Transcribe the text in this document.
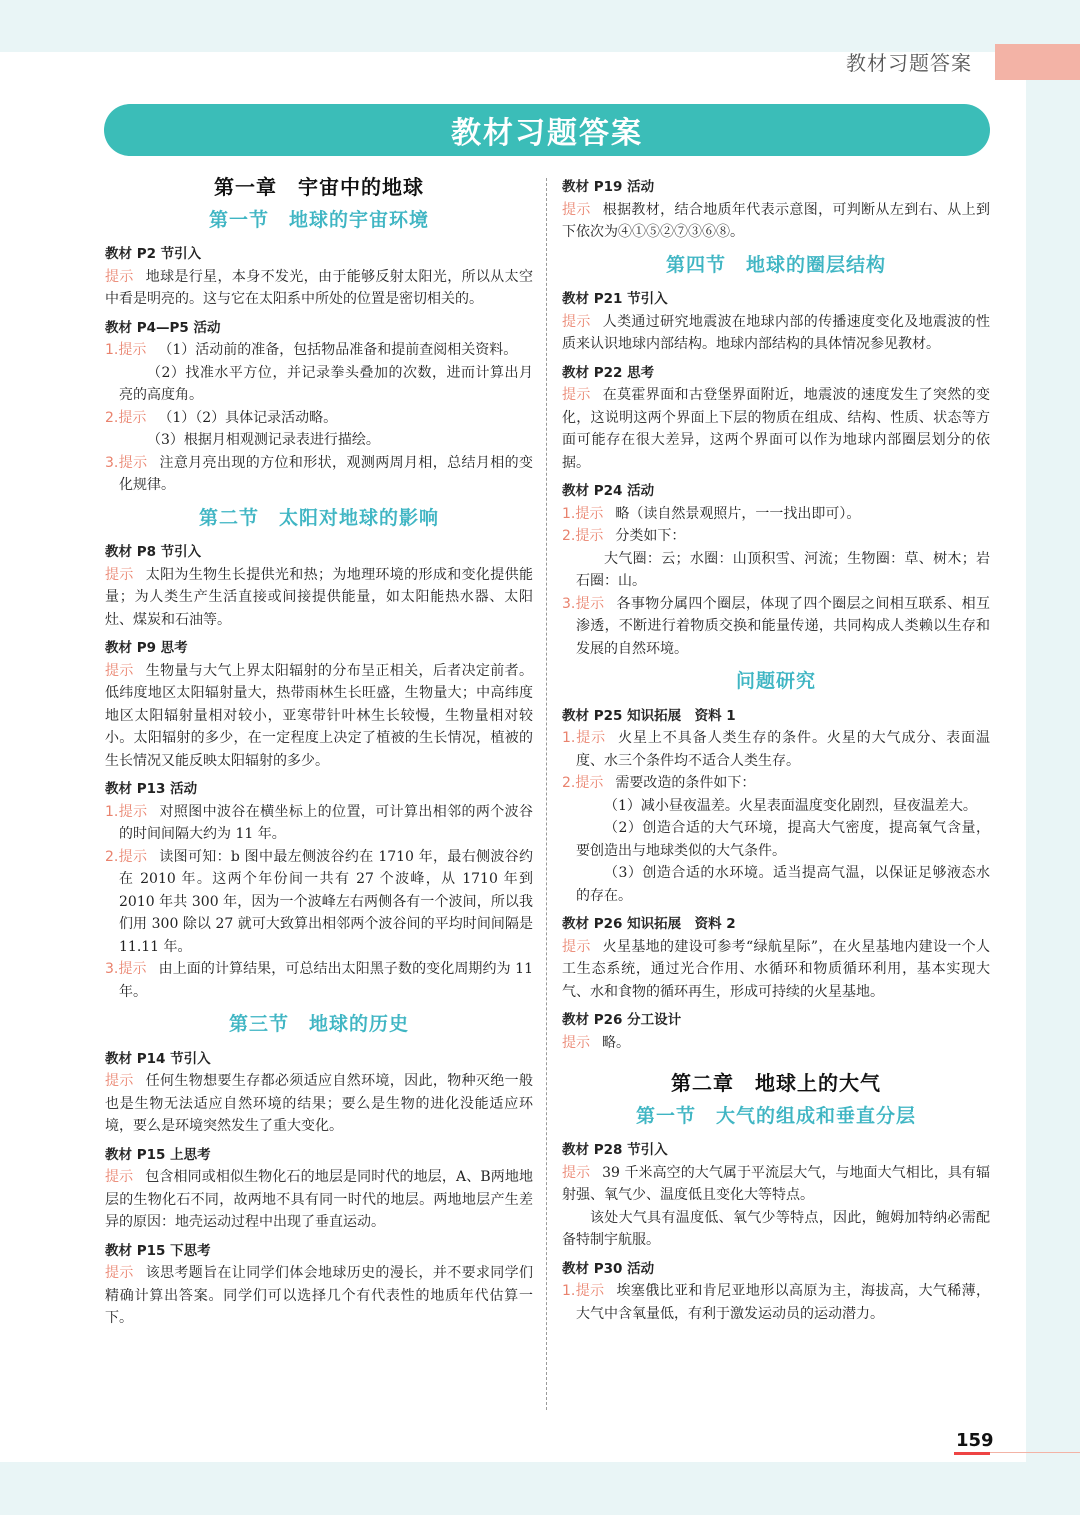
教材习题答案
教材习题答案
第一章　宇宙中的地球
第一节　地球的宇宙环境
教材 P2 节引入

提示 地球是行星，本身不发光，由于能够反射太阳光，所以从太空中看是明亮的。这与它在太阳系中所处的位置是密切相关的。

教材 P4—P5 活动

1.提示 （1）活动前的准备，包括物品准备和提前查阅相关资料。

（2）找准水平方位，并记录拳头叠加的次数，进而计算出月亮的高度角。

2.提示 （1）（2）具体记录活动略。

（3）根据月相观测记录表进行描绘。

3.提示 注意月亮出现的方位和形状，观测两周月相，总结月相的变化规律。

第二节　太阳对地球的影响
教材 P8 节引入

提示 太阳为生物生长提供光和热；为地理环境的形成和变化提供能量；为人类生产生活直接或间接提供能量，如太阳能热水器、太阳灶、煤炭和石油等。

教材 P9 思考

提示 生物量与大气上界太阳辐射的分布呈正相关，后者决定前者。低纬度地区太阳辐射量大，热带雨林生长旺盛，生物量大；中高纬度地区太阳辐射量相对较小，亚寒带针叶林生长较慢，生物量相对较小。太阳辐射的多少，在一定程度上决定了植被的生长情况，植被的生长情况又能反映太阳辐射的多少。

教材 P13 活动

1.提示 对照图中波谷在横坐标上的位置，可计算出相邻的两个波谷的时间间隔大约为 11 年。

2.提示 读图可知：b 图中最左侧波谷约在 1710 年，最右侧波谷约在 2010 年。这两个年份间一共有 27 个波峰，从 1710 年到 2010 年共 300 年，因为一个波峰左右两侧各有一个波间，所以我们用 300 除以 27 就可大致算出相邻两个波谷间的平均时间间隔是 11.11 年。

3.提示 由上面的计算结果，可总结出太阳黑子数的变化周期约为 11 年。

第三节　地球的历史
教材 P14 节引入

提示 任何生物想要生存都必须适应自然环境，因此，物种灭绝一般也是生物无法适应自然环境的结果；要么是生物的进化没能适应环境，要么是环境突然发生了重大变化。

教材 P15 上思考

提示 包含相同或相似生物化石的地层是同时代的地层，A、B两地地层的生物化石不同，故两地不具有同一时代的地层。两地地层产生差异的原因：地壳运动过程中出现了垂直运动。

教材 P15 下思考

提示 该思考题旨在让同学们体会地球历史的漫长，并不要求同学们精确计算出答案。同学们可以选择几个有代表性的地质年代估算一下。

教材 P19 活动

提示 根据教材，结合地质年代表示意图，可判断从左到右、从上到下依次为④①⑤②⑦③⑥⑧。

第四节　地球的圈层结构
教材 P21 节引入

提示 人类通过研究地震波在地球内部的传播速度变化及地震波的性质来认识地球内部结构。地球内部结构的具体情况参见教材。

教材 P22 思考

提示 在莫霍界面和古登堡界面附近，地震波的速度发生了突然的变化，这说明这两个界面上下层的物质在组成、结构、性质、状态等方面可能存在很大差异，这两个界面可以作为地球内部圈层划分的依据。

教材 P24 活动

1.提示 略（读自然景观照片，一一找出即可）。

2.提示 分类如下：

大气圈：云；水圈：山顶积雪、河流；生物圈：草、树木；岩石圈：山。

3.提示 各事物分属四个圈层，体现了四个圈层之间相互联系、相互渗透，不断进行着物质交换和能量传递，共同构成人类赖以生存和发展的自然环境。

问题研究
教材 P25 知识拓展　资料 1

1.提示 火星上不具备人类生存的条件。火星的大气成分、表面温度、水三个条件均不适合人类生存。

2.提示 需要改造的条件如下：

（1）减小昼夜温差。火星表面温度变化剧烈，昼夜温差大。

（2）创造合适的大气环境，提高大气密度，提高氧气含量，要创造出与地球类似的大气条件。

（3）创造合适的水环境。适当提高气温，以保证足够液态水的存在。

教材 P26 知识拓展　资料 2

提示 火星基地的建设可参考“绿航星际”，在火星基地内建设一个人工生态系统，通过光合作用、水循环和物质循环利用，基本实现大气、水和食物的循环再生，形成可持续的火星基地。

教材 P26 分工设计

提示 略。

第二章　地球上的大气
第一节　大气的组成和垂直分层
教材 P28 节引入

提示 39 千米高空的大气属于平流层大气，与地面大气相比，具有辐射强、氧气少、温度低且变化大等特点。

该处大气具有温度低、氧气少等特点，因此，鲍姆加特纳必需配备特制宇航服。

教材 P30 活动

1.提示 埃塞俄比亚和肯尼亚地形以高原为主，海拔高，大气稀薄，大气中含氧量低，有利于激发运动员的运动潜力。

159
